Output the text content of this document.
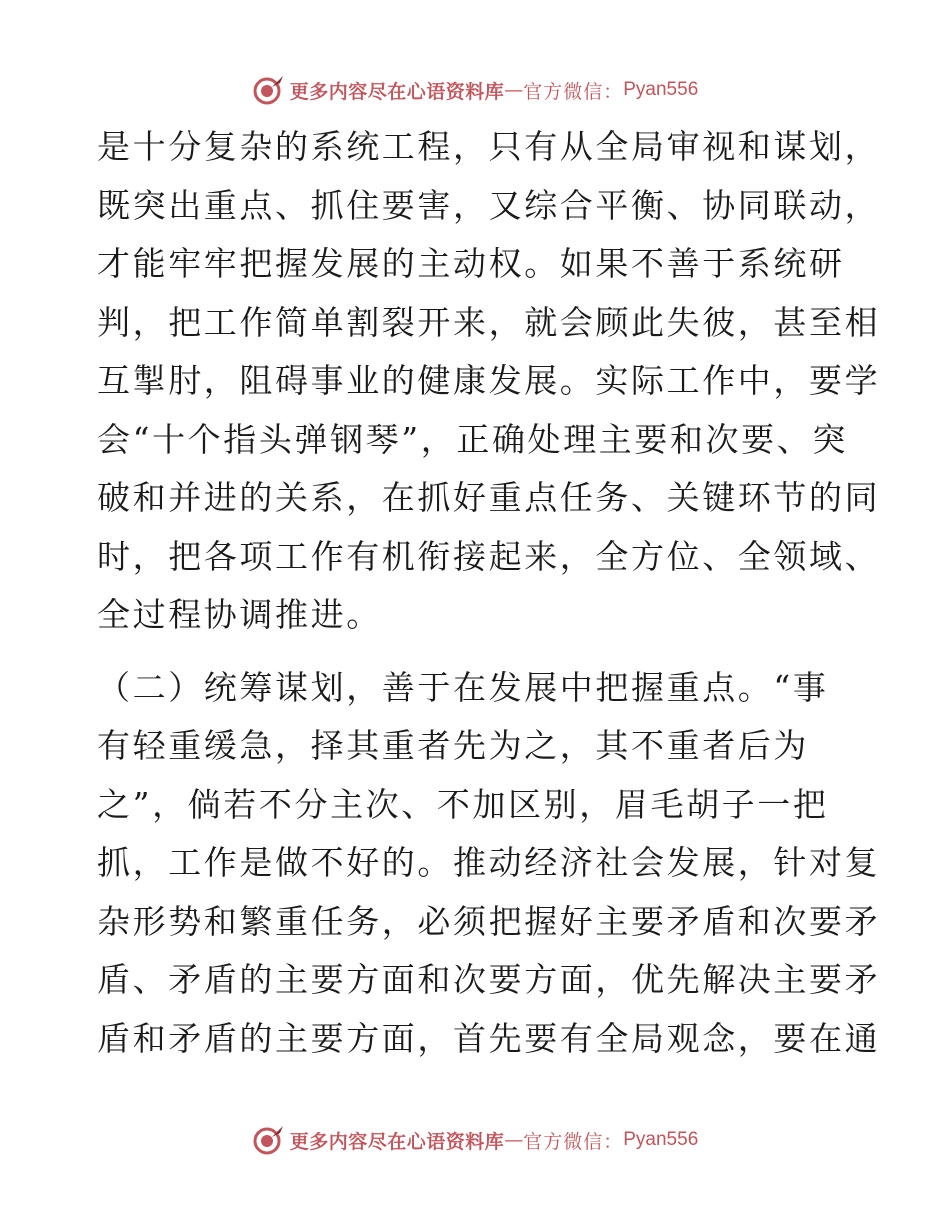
更多内容尽在心语资料库 — 官方微信： Pyan556
是十分复杂的系统工程，只有从全局审视和谋划，
既突出重点、抓住要害，又综合平衡、协同联动，
才能牢牢把握发展的主动权。如果不善于系统研
判，把工作简单割裂开来，就会顾此失彼，甚至相
互掣肘，阻碍事业的健康发展。实际工作中，要学
会“十个指头弹钢琴”，正确处理主要和次要、突
破和并进的关系，在抓好重点任务、关键环节的同
时，把各项工作有机衔接起来，全方位、全领域、
全过程协调推进。
（二）统筹谋划，善于在发展中把握重点。“事
有轻重缓急，择其重者先为之，其不重者后为
之”，倘若不分主次、不加区别，眉毛胡子一把
抓，工作是做不好的。推动经济社会发展，针对复
杂形势和繁重任务，必须把握好主要矛盾和次要矛
盾、矛盾的主要方面和次要方面，优先解决主要矛
盾和矛盾的主要方面，首先要有全局观念，要在通
更多内容尽在心语资料库 — 官方微信： Pyan556
